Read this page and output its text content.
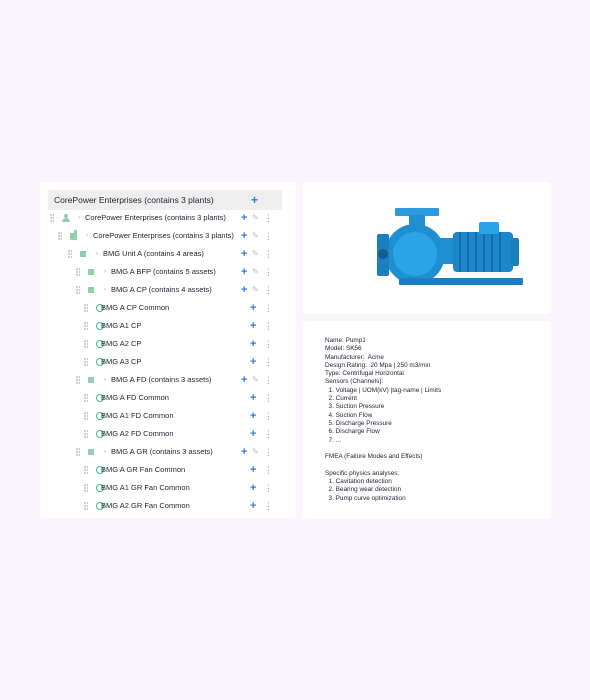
CorePower Enterprises (contains 3 plants)	+
› CorePower Enterprises (contains 3 plants) + ✎ ⋮
› CorePower Enterprises (contains 3 plants) + ✎ ⋮
› BMG Unit A (contains 4 areas)	+ ✎ ⋮
› BMG A BFP (contains 5 assets) + ✎ ⋮
› BMG A CP (contains 4 assets)	+ ✎ ⋮
BMG A CP Common	+ ⋮
BMG A1 CP	+ ⋮
BMG A2 CP	+ ⋮
BMG A3 CP	+ ⋮
› BMG A FD (contains 3 assets)	+ ✎ ⋮
BMG A FD Common	+ ⋮
BMG A1 FD Common	+ ⋮
BMG A2 FD Common	+ ⋮
› BMG A GR (contains 3 assets)	+ ✎ ⋮
BMG A GR Fan Common	+ ⋮
BMG A1 GR Fan Common	+ ⋮
BMG A2 GR Fan Common	+ ⋮
Name: Pump1
Model: SK56
Manufacturer:  Acme
Design Rating:  20 Mpa | 250 m3/min
Type: Centrifugal Horizontal
Sensors (Channels):
1. Voltage | UOM(kV) |tag-name | Limits
2. Current
3. Suction Pressure
4. Suction Flow
5. Discharge Pressure
6. Discharge Flow
7. ...
FMEA (Failure Modes and Effects)
Specific physics analyses:
1. Cavitation detection
2. Bearing wear detection
3. Pump curve optimization
